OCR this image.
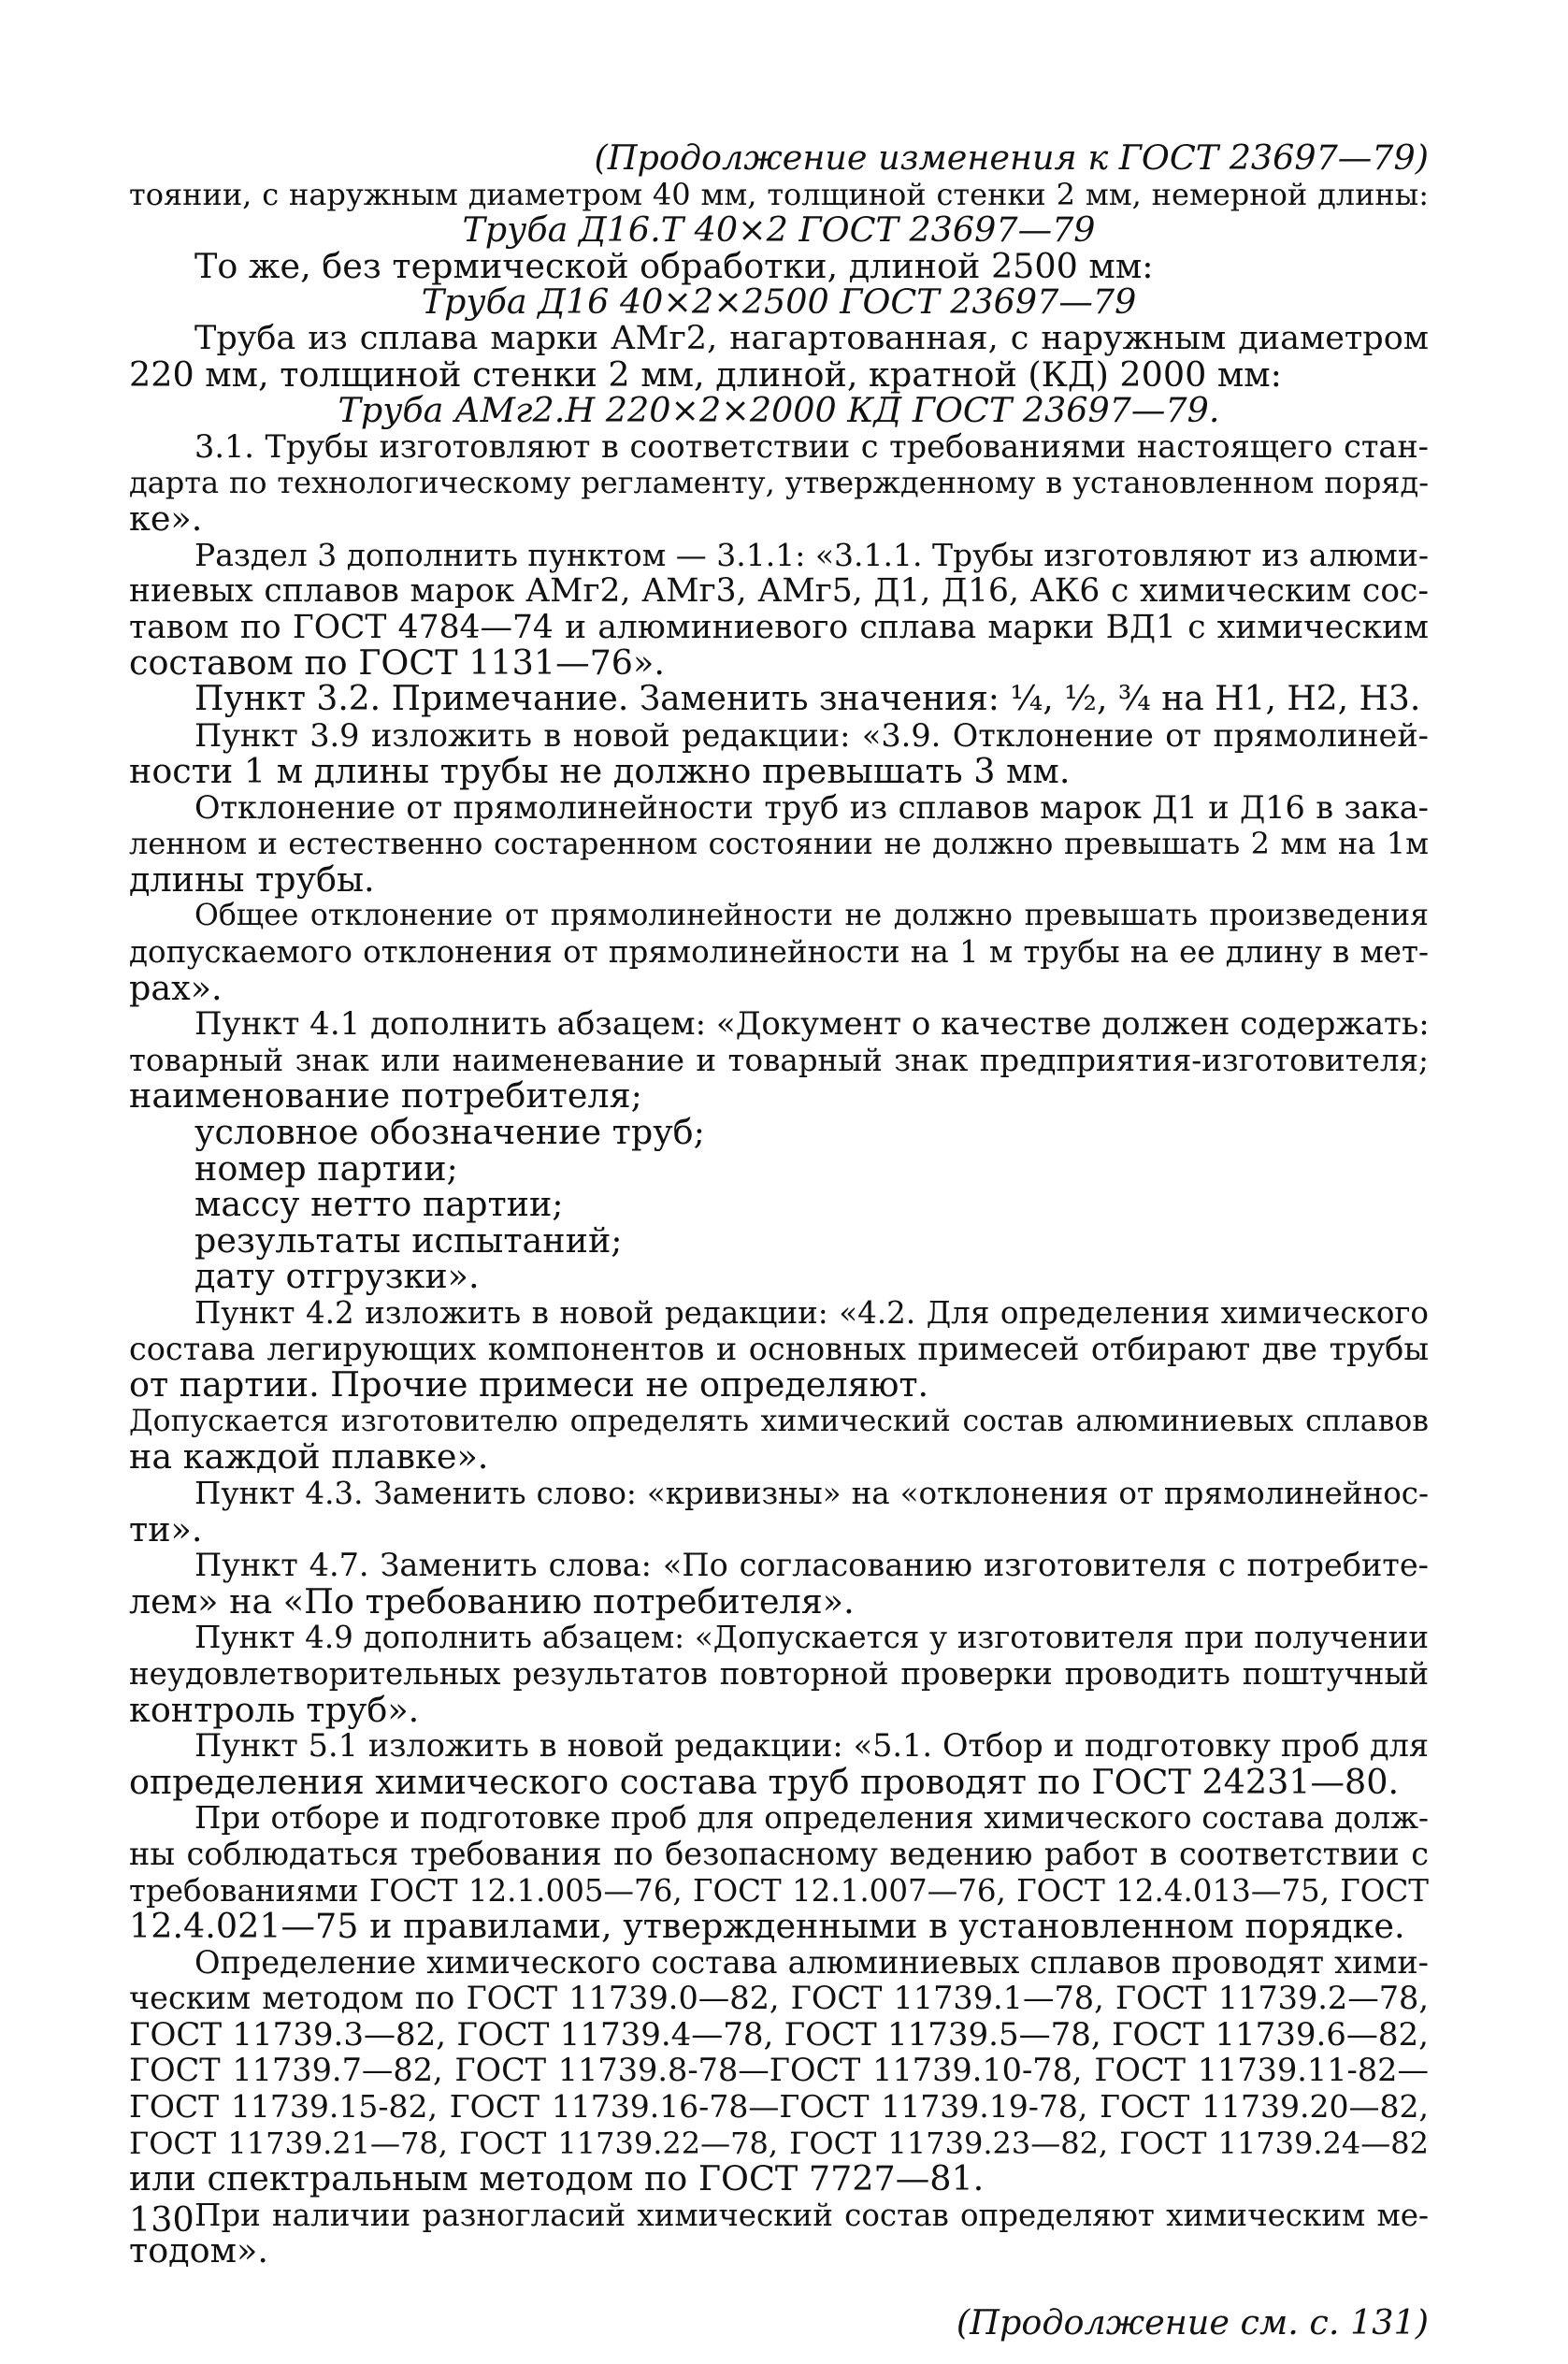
(Продолжение изменения к ГОСТ 23697—79)

тоянии, с наружным диаметром 40 мм, толщиной стенки 2 мм, немерной длины:

Труба Д16.Т 40×2 ГОСТ 23697—79

То же, без термической обработки, длиной 2500 мм:

Труба Д16 40×2×2500 ГОСТ 23697—79

Труба из сплава марки АМг2, нагартованная, с наружным диаметром

220 мм, толщиной стенки 2 мм, длиной, кратной (КД) 2000 мм:

Труба АМг2.Н 220×2×2000 КД ГОСТ 23697—79.

3.1. Трубы изготовляют в соответствии с требованиями настоящего стан-

дарта по технологическому регламенту, утвержденному в установленном поряд-

ке».

Раздел 3 дополнить пунктом — 3.1.1: «3.1.1. Трубы изготовляют из алюми-

ниевых сплавов марок АМг2, АМг3, АМг5, Д1, Д16, АК6 с химическим сос-

тавом по ГОСТ 4784—74 и алюминиевого сплава марки ВД1 с химическим

составом по ГОСТ 1131—76».

Пункт 3.2. Примечание. Заменить значения: ¼, ½, ¾ на Н1, Н2, Н3.

Пункт 3.9 изложить в новой редакции: «3.9. Отклонение от прямолиней-

ности 1 м длины трубы не должно превышать 3 мм.

Отклонение от прямолинейности труб из сплавов марок Д1 и Д16 в зака-

ленном и естественно состаренном состоянии не должно превышать 2 мм на 1м

длины трубы.

Общее отклонение от прямолинейности не должно превышать произведения

допускаемого отклонения от прямолинейности на 1 м трубы на ее длину в мет-

рах».

Пункт 4.1 дополнить абзацем: «Документ о качестве должен содержать:

товарный знак или наименевание и товарный знак предприятия-изготовителя;

наименование потребителя;

условное обозначение труб;

номер партии;

массу нетто партии;

результаты испытаний;

дату отгрузки».

Пункт 4.2 изложить в новой редакции: «4.2. Для определения химического

состава легирующих компонентов и основных примесей отбирают две трубы

от партии. Прочие примеси не определяют.

Допускается изготовителю определять химический состав алюминиевых сплавов

на каждой плавке».

Пункт 4.3. Заменить слово: «кривизны» на «отклонения от прямолинейнос-

ти».

Пункт 4.7. Заменить слова: «По согласованию изготовителя с потребите-

лем» на «По требованию потребителя».

Пункт 4.9 дополнить абзацем: «Допускается у изготовителя при получении

неудовлетворительных результатов повторной проверки проводить поштучный

контроль труб».

Пункт 5.1 изложить в новой редакции: «5.1. Отбор и подготовку проб для

определения химического состава труб проводят по ГОСТ 24231—80.

При отборе и подготовке проб для определения химического состава долж-

ны соблюдаться требования по безопасному ведению работ в соответствии с

требованиями ГОСТ 12.1.005—76, ГОСТ 12.1.007—76, ГОСТ 12.4.013—75, ГОСТ

12.4.021—75 и правилами, утвержденными в установленном порядке.

Определение химического состава алюминиевых сплавов проводят хими-

ческим методом по ГОСТ 11739.0—82, ГОСТ 11739.1—78, ГОСТ 11739.2—78,

ГОСТ 11739.3—82, ГОСТ 11739.4—78, ГОСТ 11739.5—78, ГОСТ 11739.6—82,

ГОСТ 11739.7—82, ГОСТ 11739.8-78—ГОСТ 11739.10-78, ГОСТ 11739.11-82—

ГОСТ 11739.15-82, ГОСТ 11739.16-78—ГОСТ 11739.19-78, ГОСТ 11739.20—82,

ГОСТ 11739.21—78, ГОСТ 11739.22—78, ГОСТ 11739.23—82, ГОСТ 11739.24—82

или спектральным методом по ГОСТ 7727—81.

При наличии разногласий химический состав определяют химическим ме-

тодом».

(Продолжение см. с. 131)

130
